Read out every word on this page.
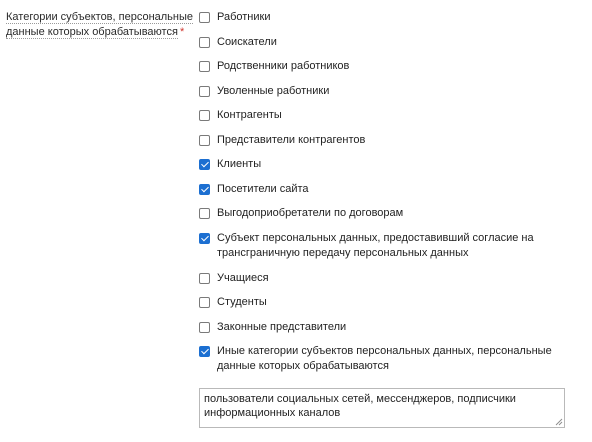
Категории субъектов, персональные данные которых обрабатываются *
Работники
Соискатели
Родственники работников
Уволенные работники
Контрагенты
Представители контрагентов
Клиенты
Посетители сайта
Выгодоприобретатели по договорам
Субъект персональных данных, предоставивший согласие на трансграничную передачу персональных данных
Учащиеся
Студенты
Законные представители
Иные категории субъектов персональных данных, персональные данные которых обрабатываются
пользователи социальных сетей, мессенджеров, подписчики информационных каналов
